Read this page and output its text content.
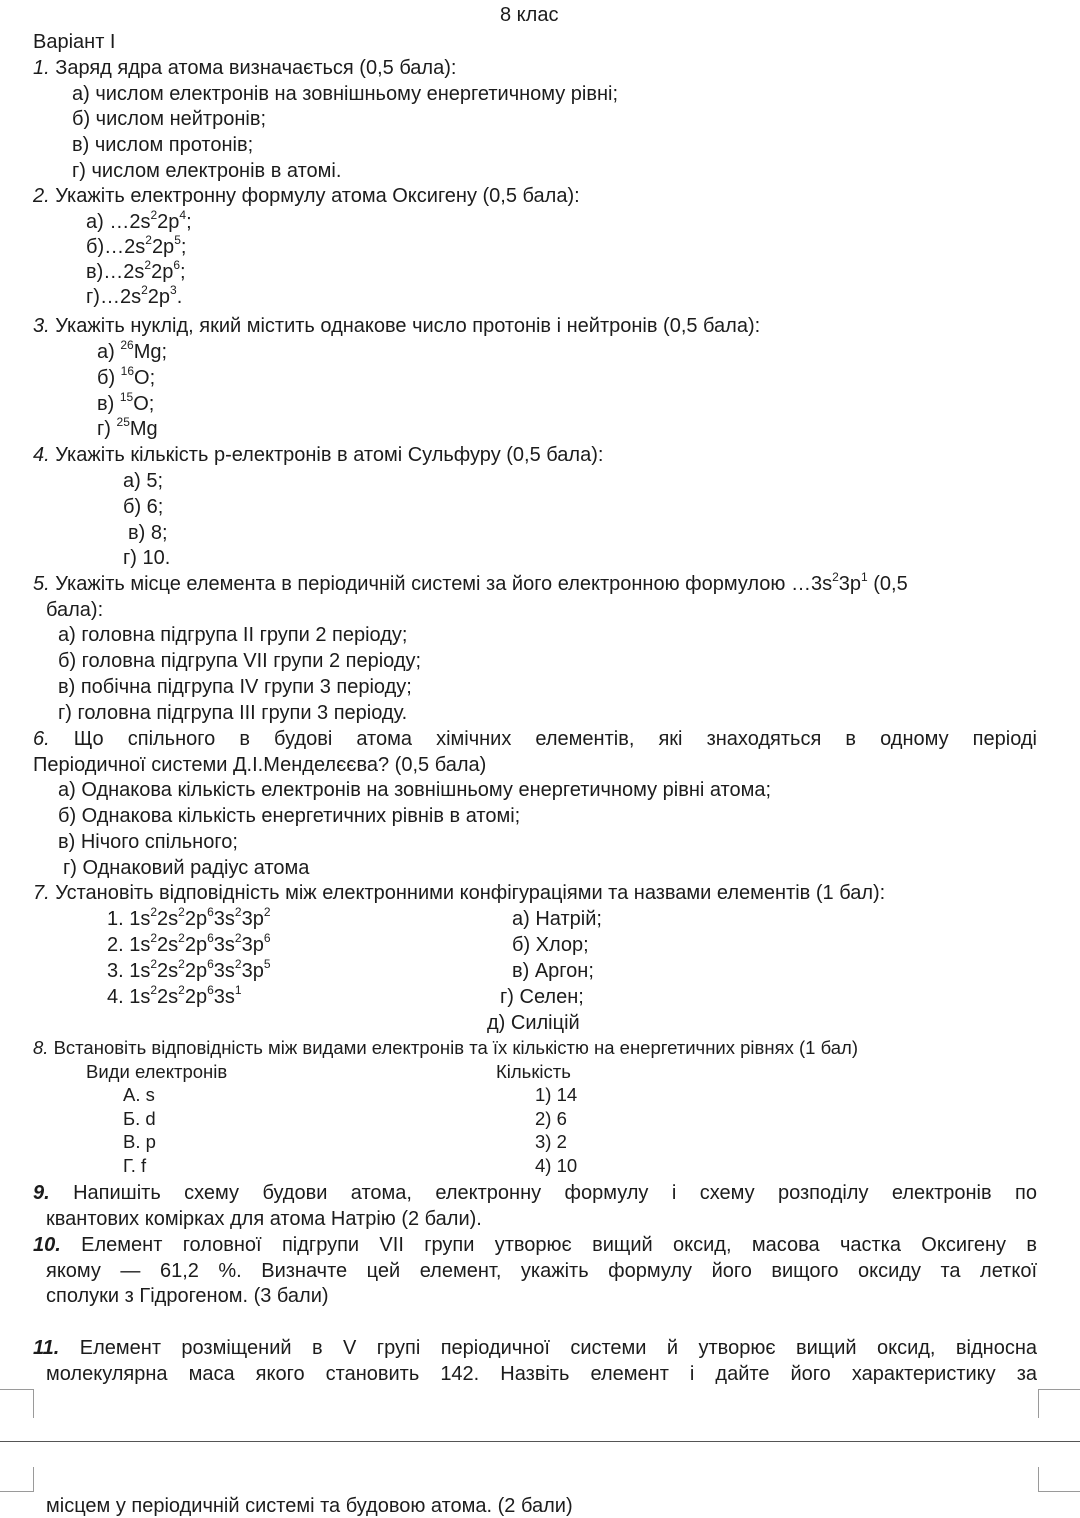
8 клас
Варіант І
1. Заряд ядра атома визначається (0,5 бала):
а) числом електронів на зовнішньому енергетичному рівні;
б) числом нейтронів;
в) числом протонів;
г) числом електронів в атомі.
2. Укажіть електронну формулу атома Оксигену (0,5 бала):
а) $\dots 2s^22p^4$;
$б)\dots 2s^22p^5$;
$в)\dots 2s^22p^6$;
$г)\dots 2s^22p^3$.
3. Укажіть нуклід, який містить однакове число протонів і нейтронів (0,5 бала):
а) $^{26}$Mg;
б) $^{16}$O;
в) $^{15}$O;
г) $^{25}$Mg
4. Укажіть кількість р-електронів в атомі Сульфуру (0,5 бала):
а) 5;
б) 6;
в) 8;
г) 10.
5. Укажіть місце елемента в періодичній системі за його електронною формулою $\dots 3s^23p^1$ (0,5
бала):
а) головна підгрупа ІІ групи 2 періоду;
б) головна підгрупа VІІ групи 2 періоду;
в) побічна підгрупа ІV групи 3 періоду;
г) головна підгрупа ІІІ групи 3 періоду.
6. Що спільного в будові атома хімічних елементів, які знаходяться в одному періоді
Періодичної системи Д.І.Менделєєва? (0,5 бала)
а) Однакова кількість електронів на зовнішньому енергетичному рівні атома;
б) Однакова кількість енергетичних рівнів в атомі;
в) Нічого спільного;
г) Однаковий радіус атома
7. Установіть відповідність між електронними конфігураціями та назвами елементів (1 бал):
1. $1s^22s^22p^63s^23p^2$
2. $1s^22s^22p^63s^23p^6$
3. $1s^22s^22p^63s^23p^5$
4. $1s^22s^22p^63s^1$
а) Натрій;
б) Хлор;
в) Аргон;
г) Селен;
д) Силіцій
8. Встановіть відповідність між видами електронів та їх кількістю на енергетичних рівнях (1 бал)
Види електронів	Кількість
А. s
Б. d
В. p
Г. f
1) 14
2) 6
3) 2
4) 10
9. Напишіть схему будови атома, електронну формулу і схему розподілу електронів по
квантових комірках для атома Натрію (2 бали).
10. Елемент головної підгрупи VII групи утворює вищий оксид, масова частка Оксигену в
якому — 61,2 %. Визначте цей елемент, укажіть формулу його вищого оксиду та леткої
сполуки з Гідрогеном. (3 бали)
11. Елемент розміщений в V групі періодичної системи й утворює вищий оксид, відносна
молекулярна маса якого становить 142. Назвіть елемент і дайте його характеристику за
місцем у періодичній системі та будовою атома. (2 бали)
